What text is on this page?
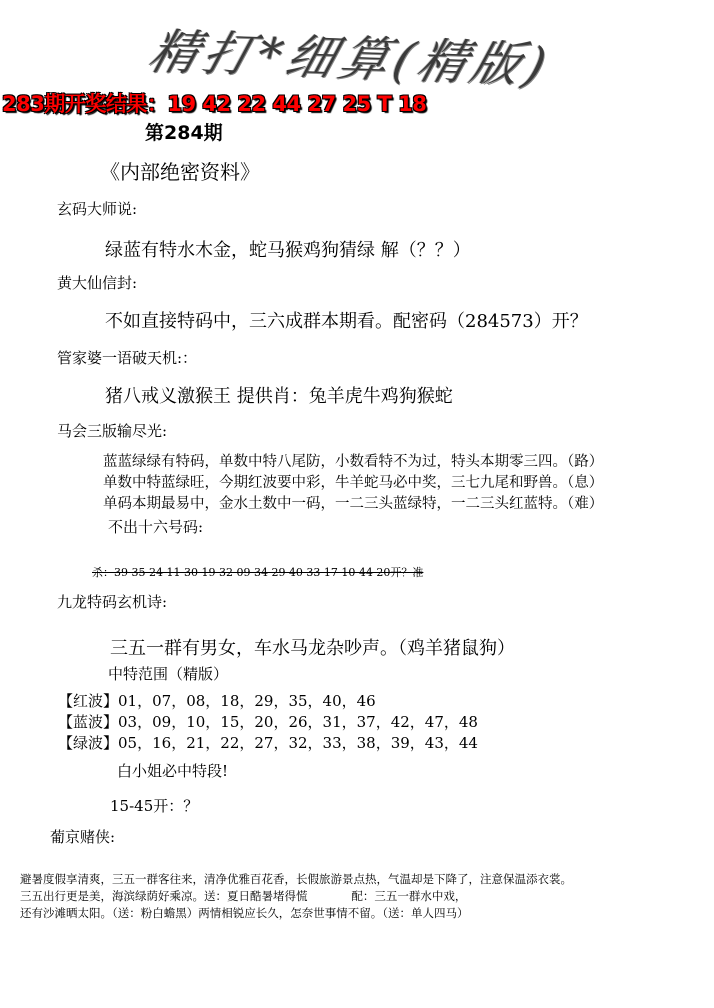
精打*细算(精版)
283期开奖结果：19 42 22 44 27 25 T 18
第284期
《内部绝密资料》
玄码大师说:
绿蓝有特水木金，蛇马猴鸡狗猜绿 解（？？）
黄大仙信封:
不如直接特码中，三六成群本期看。配密码（284573）开？
管家婆一语破天机:：
猪八戒义激猴王 提供肖：兔羊虎牛鸡狗猴蛇
马会三版输尽光:
蓝蓝绿绿有特码，单数中特八尾防，小数看特不为过，特头本期零三四。（路）
单数中特蓝绿旺，今期红波要中彩，牛羊蛇马必中奖，三七九尾和野兽。（息）
单码本期最易中，金水土数中一码，一二三头蓝绿特，一二三头红蓝特。（难）
不出十六号码:
杀：39 35 24 11 30 19 32 09 34 29 40 33 17 10 44 20开？准
九龙特码玄机诗:
三五一群有男女，车水马龙杂吵声。（鸡羊猪鼠狗）
中特范围（精版）
【红波】01，07，08，18，29，35，40，46
【蓝波】03，09，10，15，20，26，31，37，42，47，48
【绿波】05，16，21，22，27，32，33，38，39，43，44
白小姐必中特段!
15-45开：？
葡京赌侠:
避暑度假享清爽，三五一群客往来，清净优雅百花香，长假旅游景点热，气温却是下降了，注意保温添衣裳。
三五出行更是美，海滨绿荫好乘凉。送：夏日酷暑堵得慌            配：三五一群水中戏，
还有沙滩晒太阳。（送：粉白蟾黑）两情相锐应长久，怎奈世事情不留。（送：单人四马）
